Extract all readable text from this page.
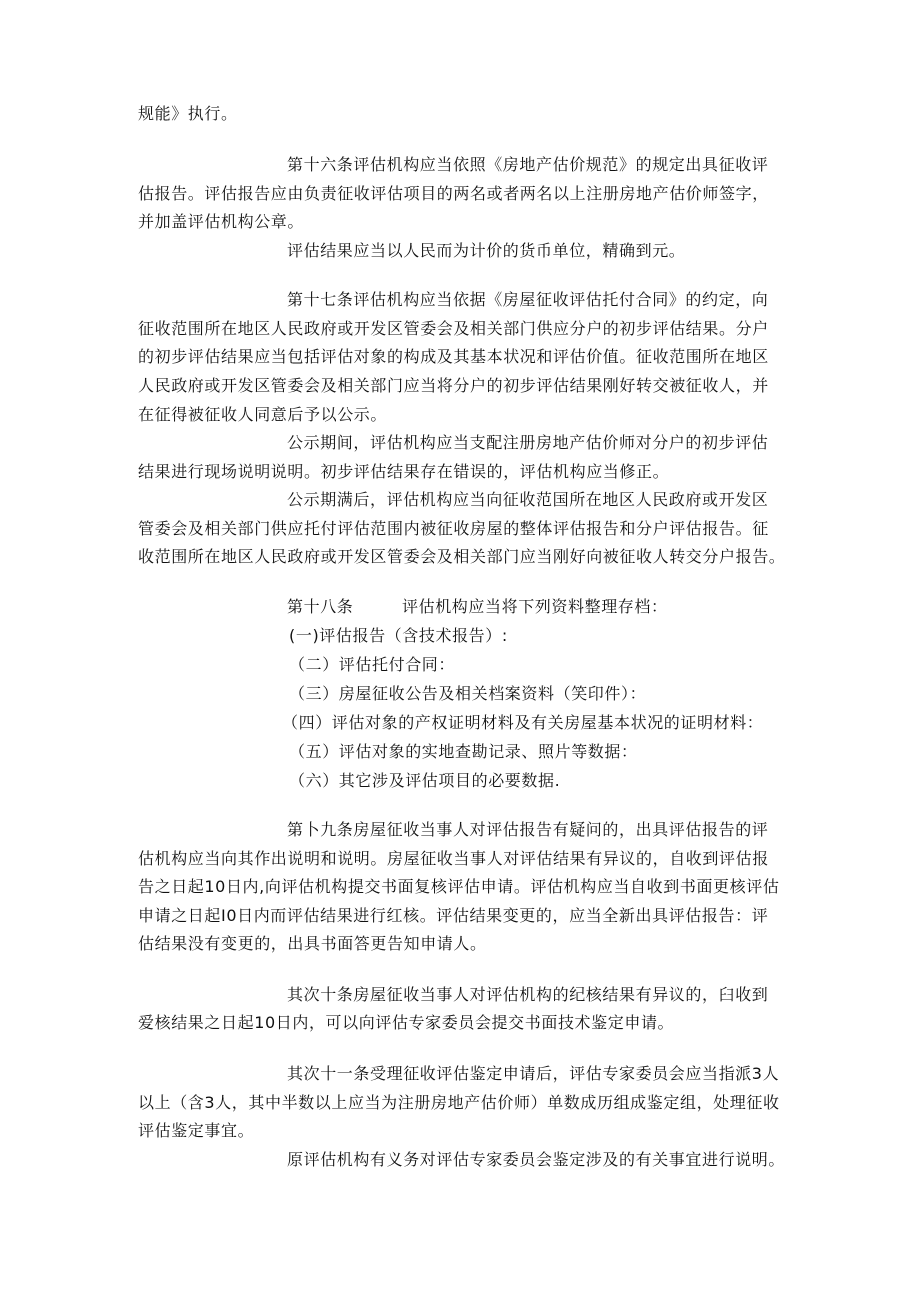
规能》执行。

第十六条评估机构应当依照《房地产估价规范》的规定出具征收评

估报告。评估报告应由负责征收评估项目的两名或者两名以上注册房地产估价师签字，

并加盖评估机构公章。

评估结果应当以人民而为计价的货币单位，精确到元。

第十七条评估机构应当依据《房屋征收评估托付合同》的约定，向

征收范围所在地区人民政府或开发区管委会及相关部门供应分户的初步评估结果。分户

的初步评估结果应当包括评估对象的构成及其基本状况和评估价值。征收范围所在地区

人民政府或开发区管委会及相关部门应当将分户的初步评估结果刚好转交被征收人，并

在征得被征收人同意后予以公示。

公示期间，评估机构应当支配注册房地产估价师对分户的初步评估

结果进行现场说明说明。初步评估结果存在错误的，评估机构应当修正。

公示期满后，评估机构应当向征收范国所在地区人民政府或开发区

管委会及相关部门供应托付评估范围内被征收房屋的整体评估报告和分户评估报告。征

收范围所在地区人民政府或开发区管委会及相关部门应当刚好向被征收人转交分户报告。

第十八条	评估机构应当将下列资料整理存档：

(一)评估报告（含技术报告）:

（二）评估托付合同：

（三）房屋征收公告及相关档案资料（笑印件）：

（四）评估对象的产权证明材料及有关房屋基本状况的证明材料：

（五）评估对象的实地查勘记录、照片等数据：

（六）其它涉及评估项目的必要数据.

第卜九条房屋征收当事人对评估报告有疑问的，出具评估报告的评

估机构应当向其作出说明和说明。房屋征收当事人对评估结果有异议的，自收到评估报

告之日起10日内,向评估机构提交书面复核评估申请。评估机构应当自收到书面更核评估

申请之日起I0日内而评估结果进行红核。评估结果变更的，应当全新出具评估报告：评

估结果没有变更的，出具书面答更告知申请人。

其次十条房屋征收当事人对评估机构的纪核结果有异议的，臼收到

爱核结果之日起10日内，可以向评估专家委员会提交书面技术鉴定申请。

其次十一条受理征收评估鉴定申请后，评估专家委员会应当指派3人

以上（含3人，其中半数以上应当为注册房地产估价师）单数成历组成鉴定组，处理征收

评估鉴定事宜。

原评估机构有义务对评估专家委员会鉴定涉及的有关事宜进行说明。
